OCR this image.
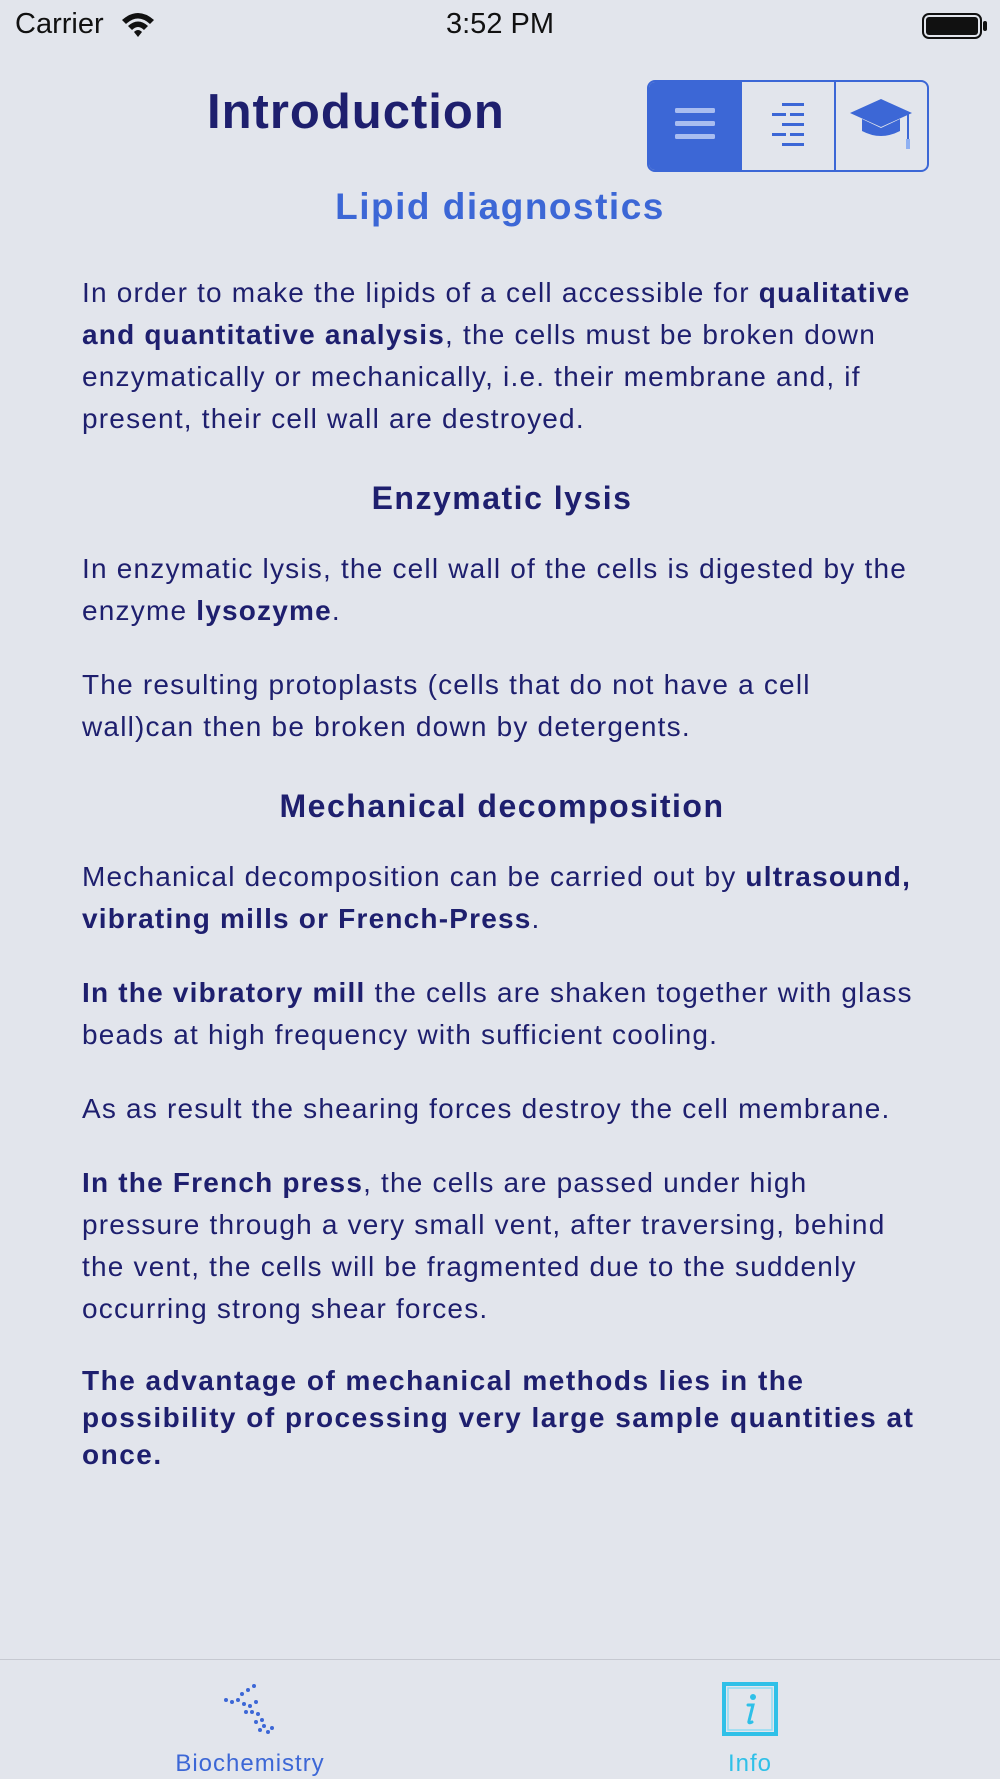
Carrier	3:52 PM
Introduction
Lipid diagnostics

In order to make the lipids of a cell accessible for qualitative and quantitative analysis, the cells must be broken down enzymatically or mechanically, i.e. their membrane and, if present, their cell wall are destroyed.

Enzymatic lysis

In enzymatic lysis, the cell wall of the cells is digested by the enzyme lysozyme.

The resulting protoplasts (cells that do not have a cell wall)can then be broken down by detergents.

Mechanical decomposition

Mechanical decomposition can be carried out by ultrasound, vibrating mills or French-Press.

In the vibratory mill the cells are shaken together with glass beads at high frequency with sufficient cooling.

As as result the shearing forces destroy the cell membrane.

In the French press, the cells are passed under high pressure through a very small vent, after traversing, behind the vent, the cells will be fragmented due to the suddenly occurring strong shear forces.

The advantage of mechanical methods lies in the possibility of processing very large sample quantities at once.

Biochemistry	Info
